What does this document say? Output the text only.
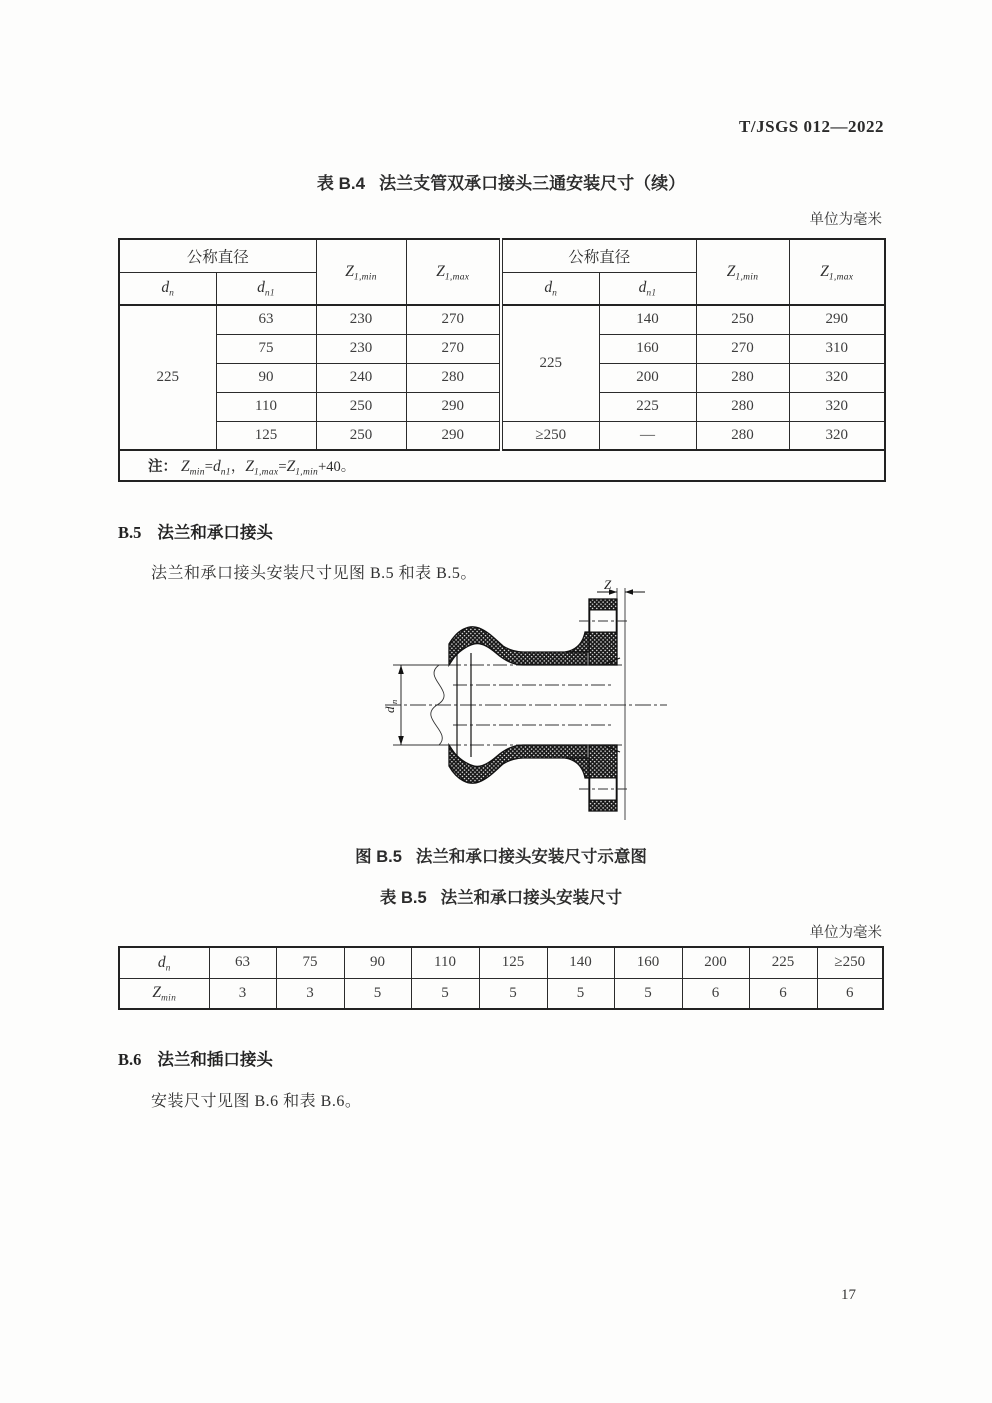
T/JSGS 012—2022
表 B.4 法兰支管双承口接头三通安装尺寸（续）
单位为毫米
公称直径		$Z_{1,min}$	$Z_{1,max}$	公称直径		$Z_{1,min}$	$Z_{1,max}$
$d_n$	$d_{n1}$			$d_n$	$d_{n1}$
225	63	230	270	225	140	250	290
	75	230	270		160	270	310
	90	240	280		200	280	320
	110	250	290		225	280	320
	125	250	290	≥250	—	280	320
注： $Z_{min}=d_{n1}$，$Z_{1,max}=Z_{1,min}+40$。							
B.5 法兰和承口接头
法兰和承口接头安装尺寸见图 B.5 和表 B.5。
Z
d
n
图 B.5 法兰和承口接头安装尺寸示意图
表 B.5 法兰和承口接头安装尺寸
单位为毫米
$d_n$	63	75	90	110	125	140	160	200	225	≥250
$Z_{min}$	3	3	5	5	5	5	5	6	6	6
B.6 法兰和插口接头
安装尺寸见图 B.6 和表 B.6。
17
